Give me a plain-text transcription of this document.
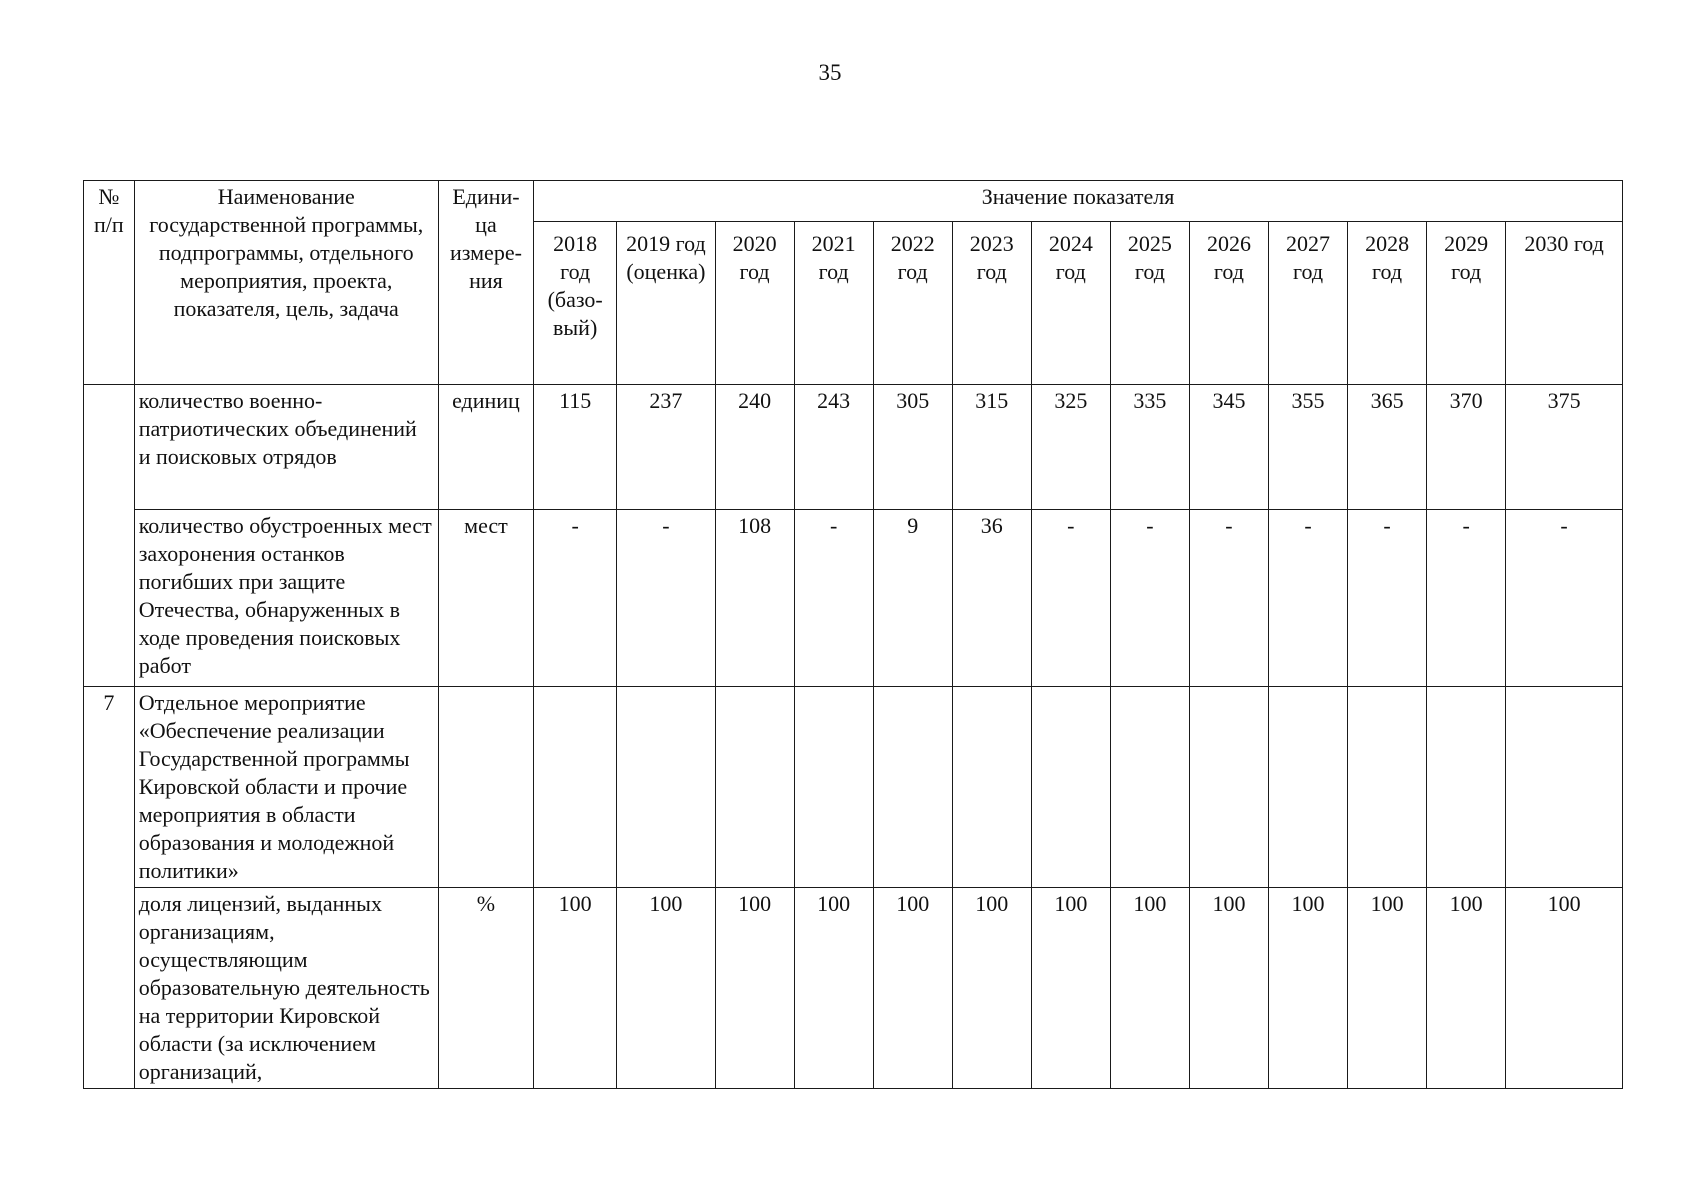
35
№ п/п	Наименование государственной программы, подпрограммы, отдельного мероприятия, проекта, показателя, цель, задача	Едини-ца измере-ния	Значение показателя												
			2018 год (базо-вый)	2019 год (оценка)	2020 год	2021 год	2022 год	2023 год	2024 год	2025 год	2026 год	2027 год	2028 год	2029 год	2030 год
	количество военно-патриотических объединений и поисковых отрядов	единиц	115	237	240	243	305	315	325	335	345	355	365	370	375
	количество обустроенных мест захоронения останков погибших при защите Отечества, обнаруженных в ходе проведения поисковых работ	мест	-	-	108	-	9	36	-	-	-	-	-	-	-
7	Отдельное мероприятие «Обеспечение реализации Государственной программы Кировской области и прочие мероприятия в области образования и молодежной политики»														
	доля лицензий, выданных организациям, осуществляющим образовательную деятельность на территории Кировской области (за исключением организаций,	%	100	100	100	100	100	100	100	100	100	100	100	100	100
